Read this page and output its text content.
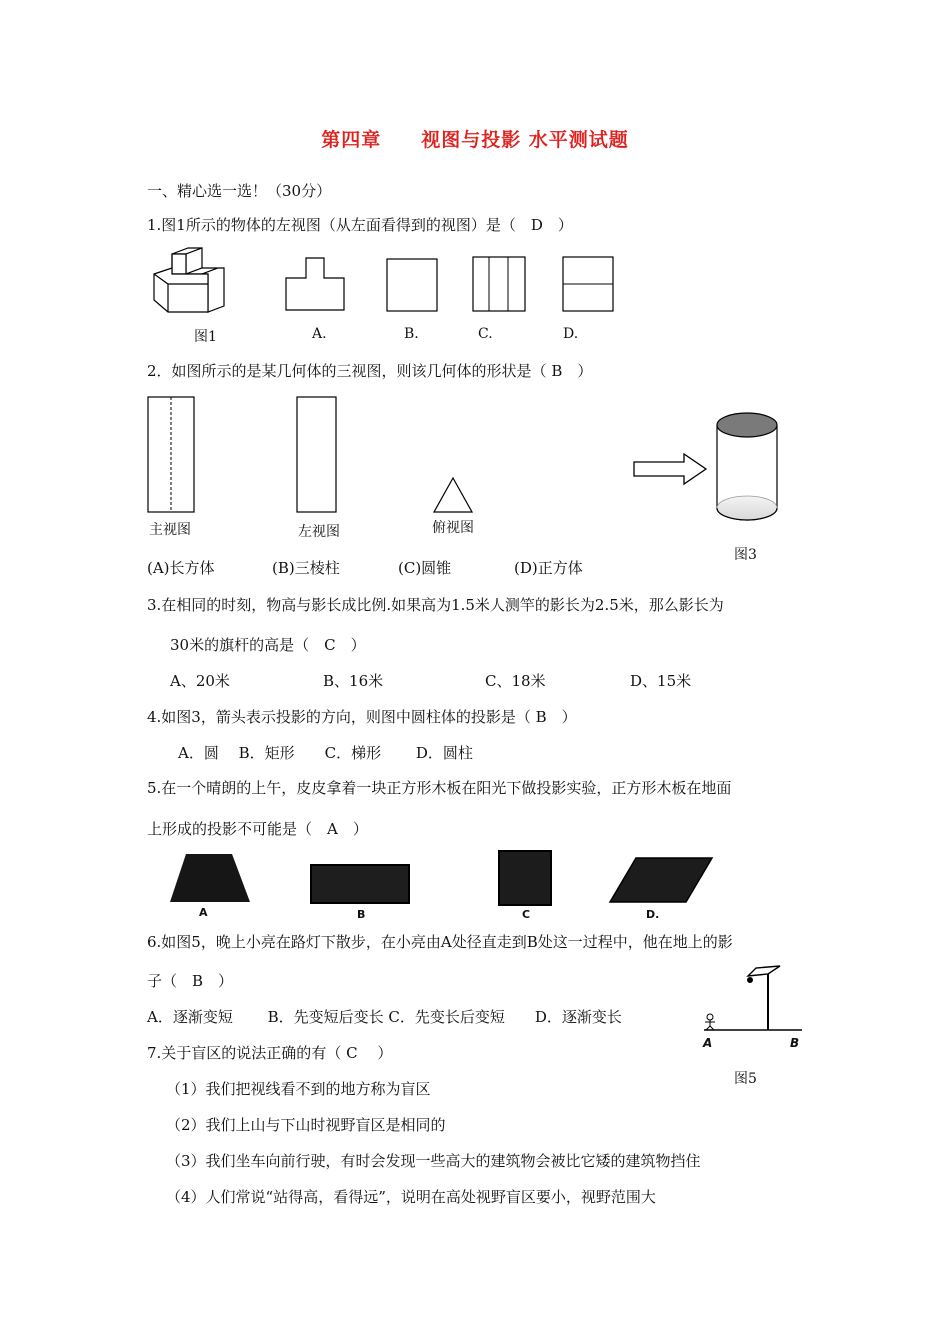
第四章　　视图与投影 水平测试题
一、精心选一选！（30分）
1.图1所示的物体的左视图（从左面看得到的视图）是（　D　）
图1	A.	B.	C.	D.
2．如图所示的是某几何体的三视图，则该几何体的形状是（ B　）
主视图	左视图	俯视图
图3
(A)长方体	(B)三棱柱	(C)圆锥	(D)正方体
3.在相同的时刻，物高与影长成比例.如果高为1.5米人测竿的影长为2.5米，那么影长为
30米的旗杆的高是（　C　）
A、20米	B、16米	C、18米	D、15米
4.如图3，箭头表示投影的方向，则图中圆柱体的投影是（ B　）
A．圆　 B．矩形　　C．梯形　　 D．圆柱
5.在一个晴朗的上午，皮皮拿着一块正方形木板在阳光下做投影实验，正方形木板在地面
上形成的投影不可能是（　A　）
A	B	C	D.
6.如图5，晚上小亮在路灯下散步，在小亮由A处径直走到B处这一过程中，他在地上的影
子（　B　）
A．逐渐变短　　 B．先变短后变长 C．先变长后变短　　D．逐渐变长
A	B
图5
7.关于盲区的说法正确的有（ C　 ）
（1）我们把视线看不到的地方称为盲区
（2）我们上山与下山时视野盲区是相同的
（3）我们坐车向前行驶，有时会发现一些高大的建筑物会被比它矮的建筑物挡住
（4）人们常说“站得高，看得远”，说明在高处视野盲区要小，视野范围大
